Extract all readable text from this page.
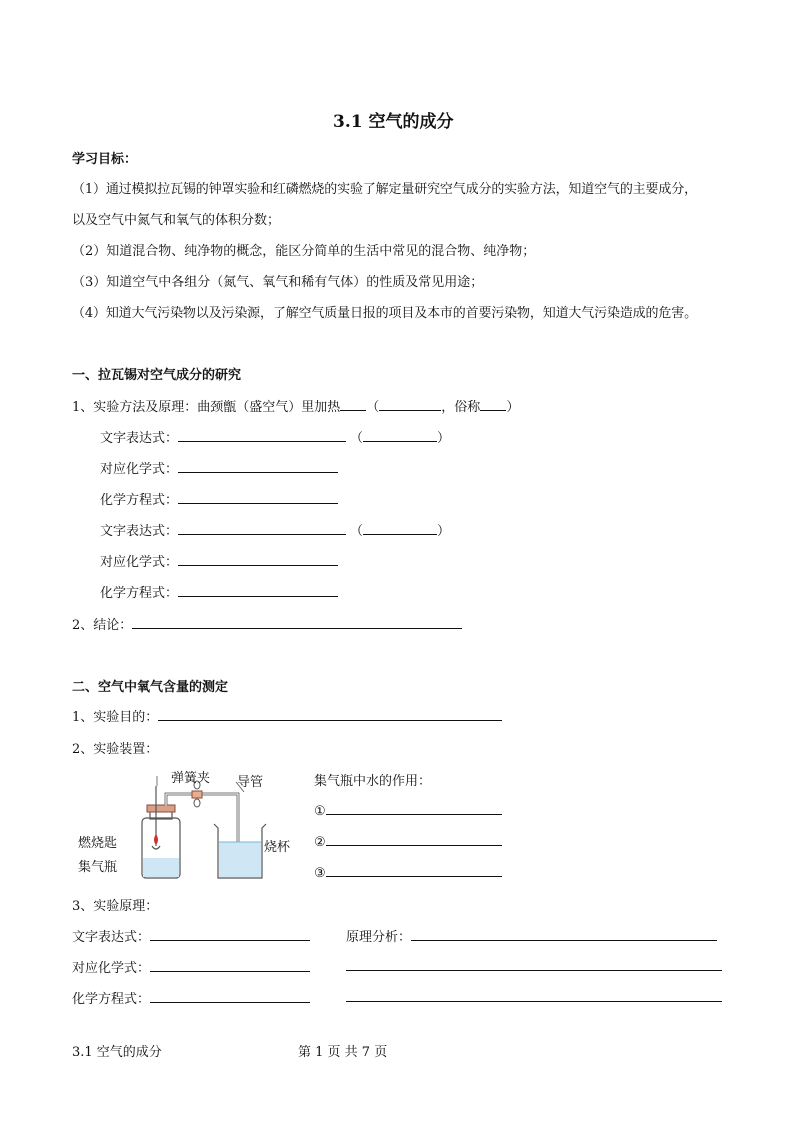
3.1 空气的成分
学习目标：
（1）通过模拟拉瓦锡的钟罩实验和红磷燃烧的实验了解定量研究空气成分的实验方法，知道空气的主要成分，
以及空气中氮气和氧气的体积分数；
（2）知道混合物、纯净物的概念，能区分简单的生活中常见的混合物、纯净物；
（3）知道空气中各组分（氮气、氧气和稀有气体）的性质及常见用途；
（4）知道大气污染物以及污染源，了解空气质量日报的项目及本市的首要污染物，知道大气污染造成的危害。
一、拉瓦锡对空气成分的研究
1、实验方法及原理：曲颈甑（盛空气）里加热 （	，俗称 ）
文字表达式：	（	）
对应化学式：
化学方程式：
文字表达式：	（	）
对应化学式：
化学方程式：
2、结论：
二、空气中氧气含量的测定
1、实验目的：
2、实验装置：
弹簧夹 导管
燃烧匙
集气瓶
烧杯
集气瓶中水的作用：
①
②
③
3、实验原理：
文字表达式：	原理分析：
对应化学式：
化学方程式：
3.1 空气的成分	第 1 页 共 7 页
